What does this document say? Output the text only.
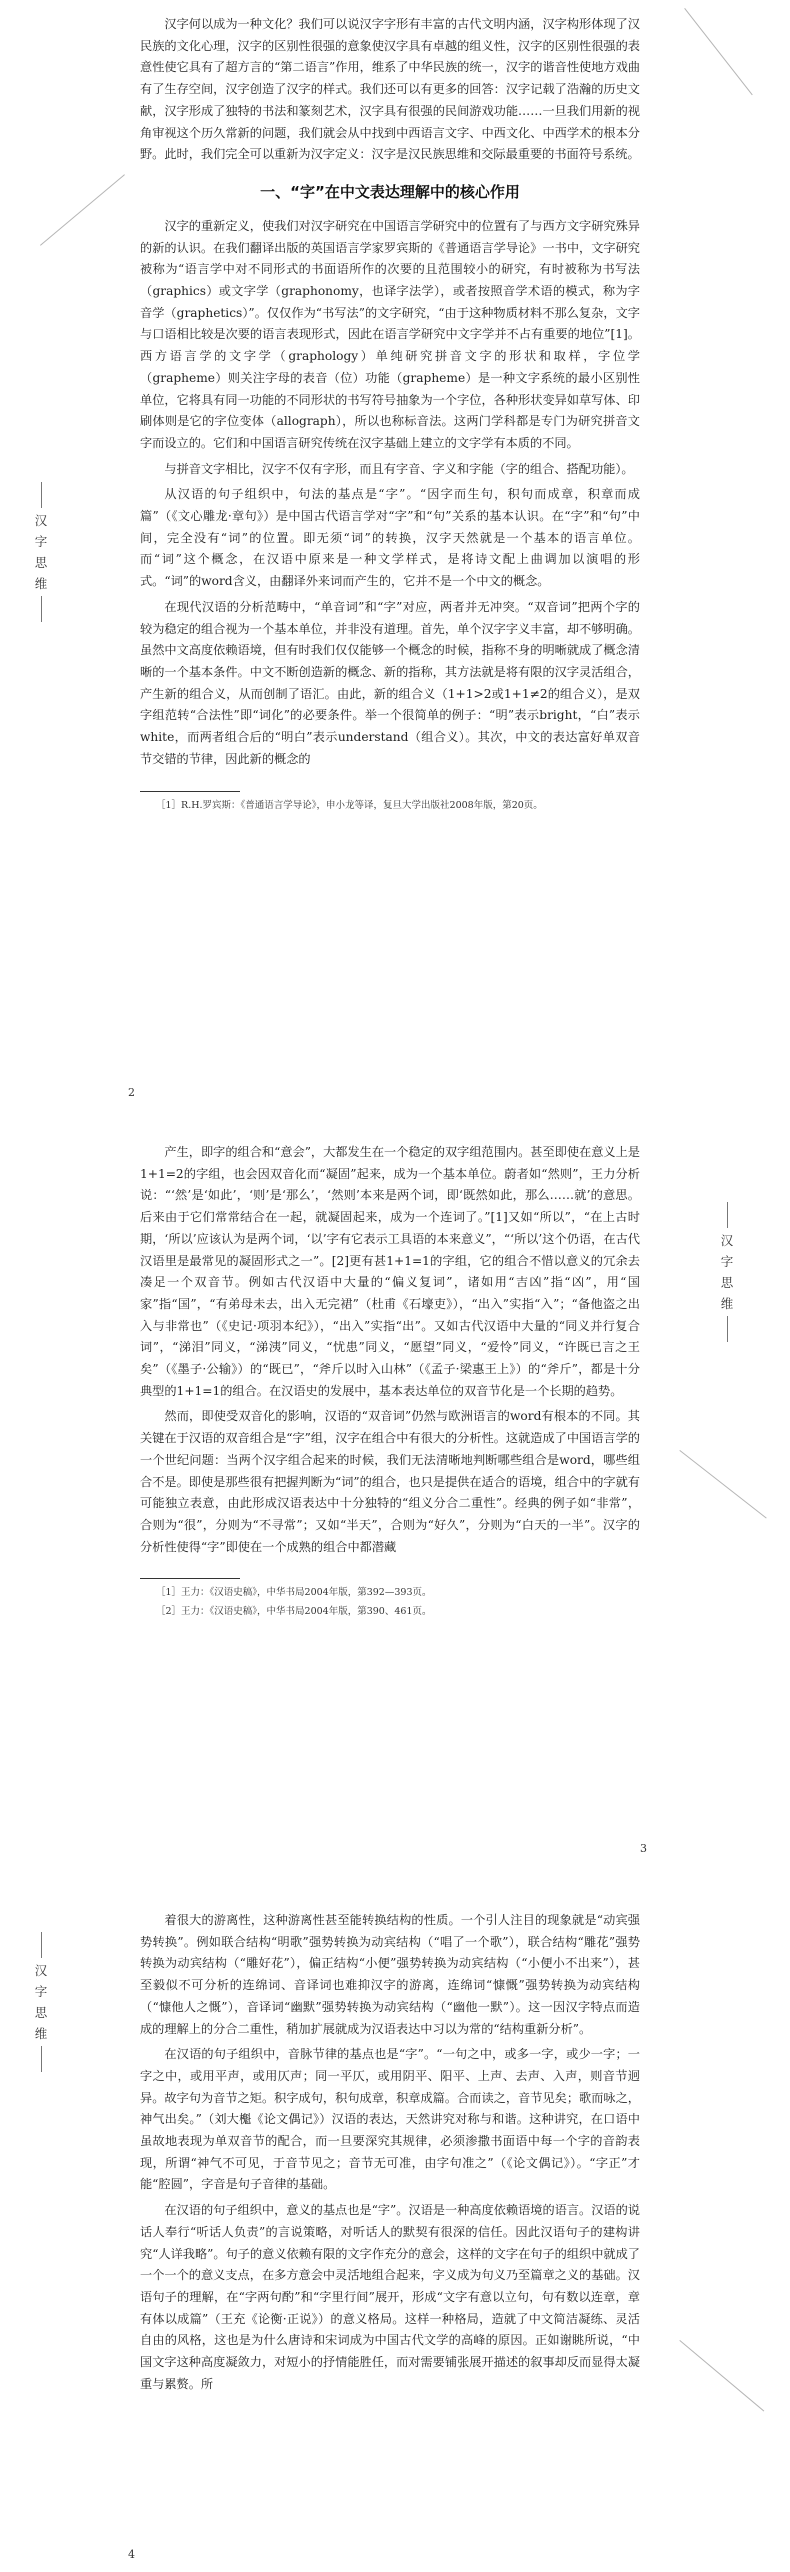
汉字何以成为一种文化？我们可以说汉字字形有丰富的古代文明内涵，汉字构形体现了汉民族的文化心理，汉字的区别性很强的意象使汉字具有卓越的组义性，汉字的区别性很强的表意性使它具有了超方言的“第二语言”作用，维系了中华民族的统一，汉字的谐音性使地方戏曲有了生存空间，汉字创造了汉字的样式。我们还可以有更多的回答：汉字记载了浩瀚的历史文献，汉字形成了独特的书法和篆刻艺术，汉字具有很强的民间游戏功能……一旦我们用新的视角审视这个历久常新的问题，我们就会从中找到中西语言文字、中西文化、中西学术的根本分野。此时，我们完全可以重新为汉字定义：汉字是汉民族思维和交际最重要的书面符号系统。

一、“字”在中文表达理解中的核心作用

汉字的重新定义，使我们对汉字研究在中国语言学研究中的位置有了与西方文字研究殊异的新的认识。在我们翻译出版的英国语言学家罗宾斯的《普通语言学导论》一书中，文字研究被称为“语言学中对不同形式的书面语所作的次要的且范围较小的研究，有时被称为书写法（graphics）或文字学（graphonomy，也译字法学），或者按照音学术语的模式，称为字音学（graphetics）”。仅仅作为“书写法”的文字研究，“由于这种物质材料不那么复杂，文字与口语相比较是次要的语言表现形式，因此在语言学研究中文字学并不占有重要的地位”[1]。西方语言学的文字学（graphology）单纯研究拼音文字的形状和取样，字位学（grapheme）则关注字母的表音（位）功能（grapheme）是一种文字系统的最小区别性单位，它将具有同一功能的不同形状的书写符号抽象为一个字位，各种形状变异如草写体、印刷体则是它的字位变体（allograph），所以也称标音法。这两门学科都是专门为研究拼音文字而设立的。它们和中国语言研究传统在汉字基础上建立的文字学有本质的不同。

与拼音文字相比，汉字不仅有字形，而且有字音、字义和字能（字的组合、搭配功能）。

从汉语的句子组织中，句法的基点是“字”。“因字而生句，积句而成章，积章而成篇”（《文心雕龙·章句》）是中国古代语言学对“字”和“句”关系的基本认识。在“字”和“句”中间，完全没有“词”的位置。即无须“词”的转换，汉字天然就是一个基本的语言单位。而“词”这个概念，在汉语中原来是一种文学样式，是将诗文配上曲调加以演唱的形式。“词”的word含义，由翻译外来词而产生的，它并不是一个中文的概念。

在现代汉语的分析范畴中，“单音词”和“字”对应，两者并无冲突。“双音词”把两个字的较为稳定的组合视为一个基本单位，并非没有道理。首先，单个汉字字义丰富，却不够明确。虽然中文高度依赖语境，但有时我们仅仅能够一个概念的时候，指称不身的明晰就成了概念清晰的一个基本条件。中文不断创造新的概念、新的指称，其方法就是将有限的汉字灵活组合，产生新的组合义，从而创制了语汇。由此，新的组合义（1+1>2或1+1≠2的组合义），是双字组范转“合法性”即“词化”的必要条件。举一个很简单的例子：“明”表示bright，“白”表示white，而两者组合后的“明白”表示understand（组合义）。其次，中文的表达富好单双音节交错的节律，因此新的概念的

［1］R.H.罗宾斯：《普通语言学导论》，申小龙等译，复旦大学出版社2008年版，第20页。

汉字思维
2

产生，即字的组合和“意会”，大都发生在一个稳定的双字组范围内。甚至即使在意义上是1+1=2的字组，也会因双音化而“凝固”起来，成为一个基本单位。蔚者如“然则”，王力分析说：“‘然’是‘如此’，‘则’是‘那么’，‘然则’本来是两个词，即‘既然如此，那么……就’的意思。后来由于它们常常结合在一起，就凝固起来，成为一个连词了。”[1]又如“所以”，“在上古时期，‘所以’应该认为是两个词，‘以’字有它表示工具语的本来意义”，“‘所以’这个仍语，在古代汉语里是最常见的凝固形式之一”。[2]更有甚1+1=1的字组，它的组合不惜以意义的冗余去凑足一个双音节。例如古代汉语中大量的“偏义复词”，诸如用“吉凶”指“凶”，用“国家”指“国”，“有弟母未去，出入无完裙”（杜甫《石壕吏》），“出入”实指“入”；“备他盗之出入与非常也”（《史记·项羽本纪》），“出入”实指“出”。又如古代汉语中大量的“同义并行复合词”，“涕泪”同义，“涕洟”同义，“忧患”同义，“愿望”同义，“爱怜”同义，“许既已言之王矣”（《墨子·公输》）的“既已”，“斧斤以时入山林”（《孟子·梁惠王上》）的“斧斤”，都是十分典型的1+1=1的组合。在汉语史的发展中，基本表达单位的双音节化是一个长期的趋势。

然而，即使受双音化的影响，汉语的“双音词”仍然与欧洲语言的word有根本的不同。其关键在于汉语的双音组合是“字”组，汉字在组合中有很大的分析性。这就造成了中国语言学的一个世纪问题：当两个汉字组合起来的时候，我们无法清晰地判断哪些组合是word，哪些组合不是。即使是那些很有把握判断为“词”的组合，也只是提供在适合的语境，组合中的字就有可能独立表意，由此形成汉语表达中十分独特的“组义分合二重性”。经典的例子如“非常”，合则为“很”，分则为“不寻常”；又如“半天”，合则为“好久”，分则为“白天的一半”。汉字的分析性使得“字”即使在一个成熟的组合中都潜藏

［1］王力：《汉语史稿》，中华书局2004年版，第392—393页。

［2］王力：《汉语史稿》，中华书局2004年版，第390、461页。

汉字思维
3

着很大的游离性，这种游离性甚至能转换结构的性质。一个引人注目的现象就是“动宾强势转换”。例如联合结构“明歌”强势转换为动宾结构（“唱了一个歌”），联合结构“雕花”强势转换为动宾结构（“雕好花”），偏正结构“小便”强势转换为动宾结构（“小便小不出来”），甚至毅似不可分析的连绵词、音译词也难抑汉字的游离，连绵词“慷慨”强势转换为动宾结构（“慷他人之慨”），音译词“幽默”强势转换为动宾结构（“幽他一默”）。这一因汉字特点而造成的理解上的分合二重性，稍加扩展就成为汉语表达中习以为常的“结构重新分析”。

在汉语的句子组织中，音脉节律的基点也是“字”。“一句之中，或多一字，或少一字；一字之中，或用平声，或用仄声；同一平仄，或用阴平、阳平、上声、去声、入声，则音节迥异。故字句为音节之矩。积字成句，积句成章，积章成篇。合而读之，音节见矣；歌而咏之，神气出矣。”（刘大櫆《论文偶记》）汉语的表达，天然讲究对称与和谐。这种讲究，在口语中虽故地表现为单双音节的配合，而一旦要深究其规律，必须渗撒书面语中每一个字的音韵表现，所谓“神气不可见，于音节见之；音节无可准，由字句准之”（《论文偶记》）。“字正”才能“腔圆”，字音是句子音律的基础。

在汉语的句子组织中，意义的基点也是“字”。汉语是一种高度依赖语境的语言。汉语的说话人奉行“听话人负责”的言说策略，对听话人的默契有很深的信任。因此汉语句子的建构讲究“人详我略”。句子的意义依赖有限的文字作充分的意会，这样的文字在句子的组织中就成了一个一个的意义支点，在多方意会中灵活地组合起来，字义成为句义乃至篇章之义的基础。汉语句子的理解，在“字两句酌”和“字里行间”展开，形成“文字有意以立句，句有数以连章，章有体以成篇”（王充《论衡·正说》）的意义格局。这样一种格局，造就了中文简洁凝练、灵活自由的风格，这也是为什么唐诗和宋词成为中国古代文学的高峰的原因。正如谢眺所说，“中国文字这种高度凝敛力，对短小的抒情能胜任，而对需要铺张展开描述的叙事却反而显得太凝重与累赘。所

汉字思维
4
